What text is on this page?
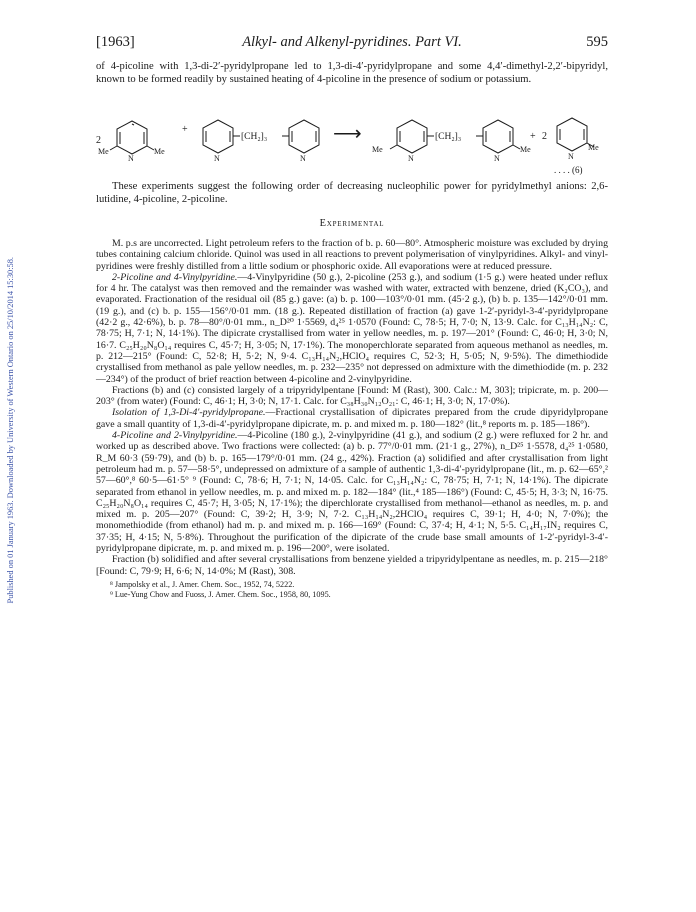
Published on 01 January 1963. Downloaded by University of Western Ontario on 25/10/2014 15:30:58.
[1963]	Alkyl- and Alkenyl-pyridines. Part VI.	595

of 4-picoline with 1,3-di-2′-pyridylpropane led to 1,3-di-4′-pyridylpropane and some 4,4′-dimethyl-2,2′-bipyridyl, known to be formed readily by sustained heating of 4-picoline in the presence of sodium or potassium.

2
Me
N
Me
+
N
[CH₂]₃
N
⟶
Me
N
[CH₂]₃
N
Me
+ 2
N
Me
. . . . (6)

These experiments suggest the following order of decreasing nucleophilic power for pyridylmethyl anions: 2,6-lutidine, 4-picoline, 2-picoline.

Experimental

M. p.s are uncorrected. Light petroleum refers to the fraction of b. p. 60—80°. Atmospheric moisture was excluded by drying tubes containing calcium chloride. Quinol was used in all reactions to prevent polymerisation of vinylpyridines. Alkyl- and vinyl-pyridines were freshly distilled from a little sodium or phosphoric oxide. All evaporations were at reduced pressure.

2-Picoline and 4-Vinylpyridine.—4-Vinylpyridine (50 g.), 2-picoline (253 g.), and sodium (1·5 g.) were heated under reflux for 4 hr. The catalyst was then removed and the remainder was washed with water, extracted with benzene, dried (K₂CO₃), and evaporated. Fractionation of the residual oil (85 g.) gave: (a) b. p. 100—103°/0·01 mm. (45·2 g.), (b) b. p. 135—142°/0·01 mm. (19 g.), and (c) b. p. 155—156°/0·01 mm. (18 g.). Repeated distillation of fraction (a) gave 1-2′-pyridyl-3-4′-pyridylpropane (42·2 g., 42·6%), b. p. 78—80°/0·01 mm., n_D²⁰ 1·5569, d₄²⁵ 1·0570 (Found: C, 78·5; H, 7·0; N, 13·9. Calc. for C₁₃H₁₄N₂: C, 78·75; H, 7·1; N, 14·1%). The dipicrate crystallised from water in yellow needles, m. p. 197—201° (Found: C, 46·0; H, 3·0; N, 16·7. C₂₅H₂₀N₈O₁₄ requires C, 45·7; H, 3·05; N, 17·1%). The monoperchlorate separated from aqueous methanol as needles, m. p. 212—215° (Found: C, 52·8; H, 5·2; N, 9·4. C₁₃H₁₄N₂,HClO₄ requires C, 52·3; H, 5·05; N, 9·5%). The dimethiodide crystallised from methanol as pale yellow needles, m. p. 232—235° not depressed on admixture with the dimethiodide (m. p. 232—234°) of the product of brief reaction between 4-picoline and 2-vinylpyridine.

Fractions (b) and (c) consisted largely of a tripyridylpentane [Found: M (Rast), 300. Calc.: M, 303]; tripicrate, m. p. 200—203° (from water) (Found: C, 46·1; H, 3·0; N, 17·1. Calc. for C₃₈H₃₀N₁₂O₂₁: C, 46·1; H, 3·0; N, 17·0%).

Isolation of 1,3-Di-4′-pyridylpropane.—Fractional crystallisation of dipicrates prepared from the crude dipyridylpropane gave a small quantity of 1,3-di-4′-pyridylpropane dipicrate, m. p. and mixed m. p. 180—182° (lit.,⁸ reports m. p. 185—186°).

4-Picoline and 2-Vinylpyridine.—4-Picoline (180 g.), 2-vinylpyridine (41 g.), and sodium (2 g.) were refluxed for 2 hr. and worked up as described above. Two fractions were collected: (a) b. p. 77°/0·01 mm. (21·1 g., 27%), n_D²⁵ 1·5578, d₄²⁵ 1·0580, R_M 60·3 (59·79), and (b) b. p. 165—179°/0·01 mm. (24 g., 42%). Fraction (a) solidified and after crystallisation from light petroleum had m. p. 57—58·5°, undepressed on admixture of a sample of authentic 1,3-di-4′-pyridylpropane (lit., m. p. 62—65°,² 57—60°,⁸ 60·5—61·5° ⁹ (Found: C, 78·6; H, 7·1; N, 14·05. Calc. for C₁₃H₁₄N₂: C, 78·75; H, 7·1; N, 14·1%). The dipicrate separated from ethanol in yellow needles, m. p. and mixed m. p. 182—184° (lit.,⁴ 185—186°) (Found: C, 45·5; H, 3·3; N, 16·75. C₂₅H₂₀N₈O₁₄ requires C, 45·7; H, 3·05; N, 17·1%); the diperchlorate crystallised from methanol—ethanol as needles, m. p. and mixed m. p. 205—207° (Found: C, 39·2; H, 3·9; N, 7·2. C₁₃H₁₄N₂,2HClO₄ requires C, 39·1; H, 4·0; N, 7·0%); the monomethiodide (from ethanol) had m. p. and mixed m. p. 166—169° (Found: C, 37·4; H, 4·1; N, 5·5. C₁₄H₁₇IN₂ requires C, 37·35; H, 4·15; N, 5·8%). Throughout the purification of the dipicrate of the crude base small amounts of 1-2′-pyridyl-3-4′-pyridylpropane dipicrate, m. p. and mixed m. p. 196—200°, were isolated.

Fraction (b) solidified and after several crystallisations from benzene yielded a tripyridylpentane as needles, m. p. 215—218° [Found: C, 79·9; H, 6·6; N, 14·0%; M (Rast), 308.

⁸ Jampolsky et al., J. Amer. Chem. Soc., 1952, 74, 5222.
⁹ Lue-Yung Chow and Fuoss, J. Amer. Chem. Soc., 1958, 80, 1095.
